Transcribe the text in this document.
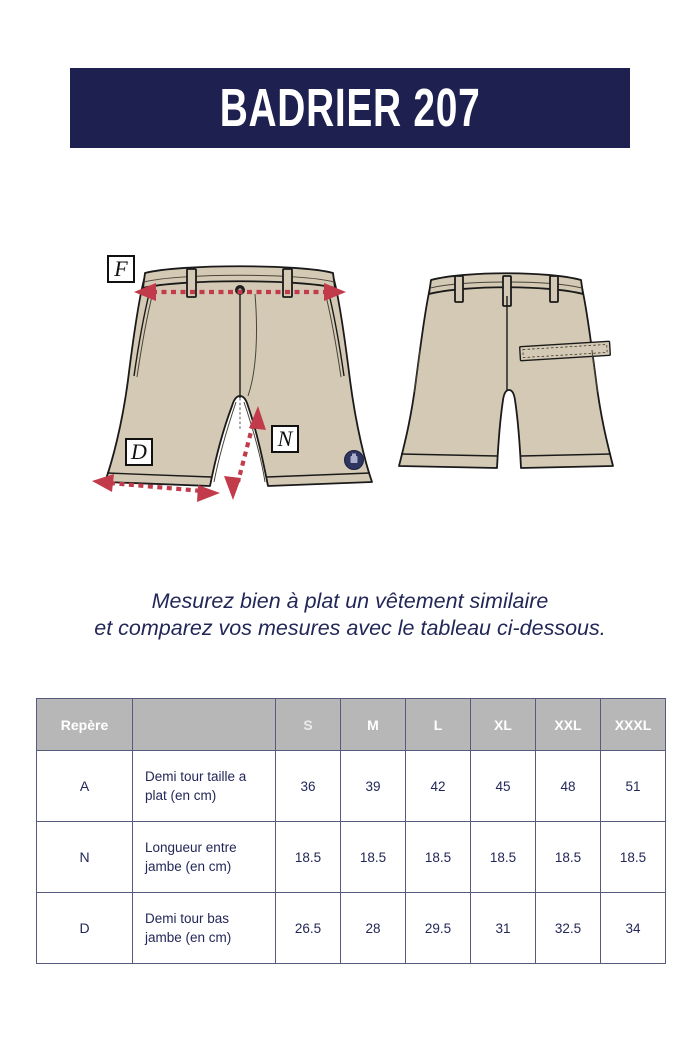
BADRIER 207
F
D
N
Mesurez bien à plat un vêtement similaire
et comparez vos mesures avec le tableau ci-dessous.
Repère		S	M	L	XL	XXL	XXXL
A	Demi tour taille a plat (en cm)	36	39	42	45	48	51
N	Longueur entre jambe (en cm)	18.5	18.5	18.5	18.5	18.5	18.5
D	Demi tour bas jambe (en cm)	26.5	28	29.5	31	32.5	34
